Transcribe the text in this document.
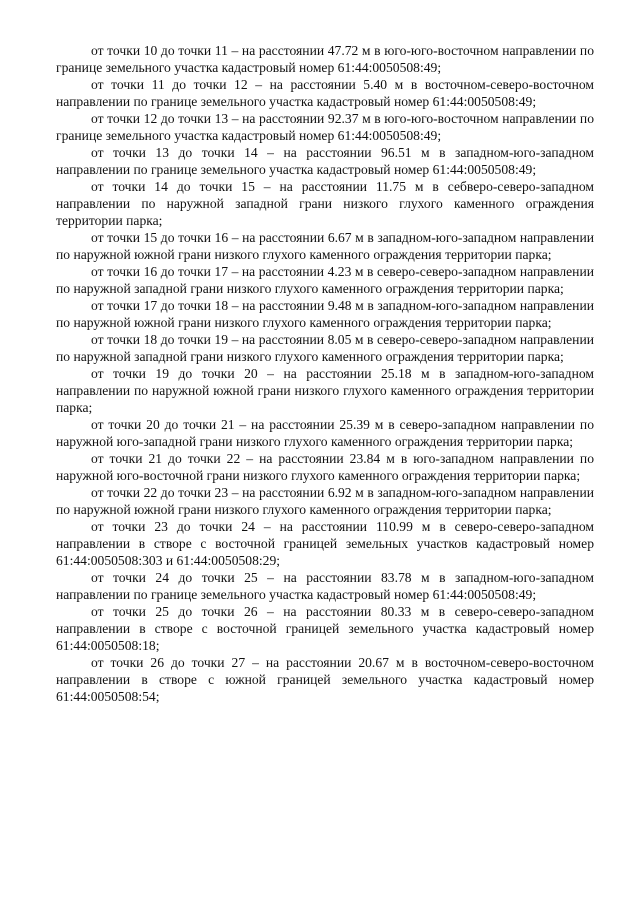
от точки 10 до точки 11 – на расстоянии 47.72 м в юго-юго-восточном направлении по границе земельного участка кадастровый номер 61:44:0050508:49;

от точки 11 до точки 12 – на расстоянии 5.40 м в восточном-северо-восточном направлении по границе земельного участка кадастровый номер 61:44:0050508:49;

от точки 12 до точки 13 – на расстоянии 92.37 м в юго-юго-восточном направлении по границе земельного участка кадастровый номер 61:44:0050508:49;

от точки 13 до точки 14 – на расстоянии 96.51 м в западном-юго-западном направлении по границе земельного участка кадастровый номер 61:44:0050508:49;

от точки 14 до точки 15 – на расстоянии 11.75 м в себверо-северо-западном направлении по наружной западной грани низкого глухого каменного ограждения территории парка;

от точки 15 до точки 16 – на расстоянии 6.67 м в западном-юго-западном направлении по наружной южной грани низкого глухого каменного ограждения территории парка;

от точки 16 до точки 17 – на расстоянии 4.23 м в северо-северо-западном направлении по наружной западной грани низкого глухого каменного ограждения территории парка;

от точки 17 до точки 18 – на расстоянии 9.48 м в западном-юго-западном направлении по наружной южной грани низкого глухого каменного ограждения территории парка;

от точки 18 до точки 19 – на расстоянии 8.05 м в северо-северо-западном направлении по наружной западной грани низкого глухого каменного ограждения территории парка;

от точки 19 до точки 20 – на расстоянии 25.18 м в западном-юго-западном направлении по наружной южной грани низкого глухого каменного ограждения территории парка;

от точки 20 до точки 21 – на расстоянии 25.39 м в северо-западном направлении по наружной юго-западной грани низкого глухого каменного ограждения территории парка;

от точки 21 до точки 22 – на расстоянии 23.84 м в юго-западном направлении по наружной юго-восточной грани низкого глухого каменного ограждения территории парка;

от точки 22 до точки 23 – на расстоянии 6.92 м в западном-юго-западном направлении по наружной южной грани низкого глухого каменного ограждения территории парка;

от точки 23 до точки 24 – на расстоянии 110.99 м в северо-северо-западном направлении в створе с восточной границей земельных участков кадастровый номер 61:44:0050508:303 и 61:44:0050508:29;

от точки 24 до точки 25 – на расстоянии 83.78 м в западном-юго-западном направлении по границе земельного участка кадастровый номер 61:44:0050508:49;

от точки 25 до точки 26 – на расстоянии 80.33 м в северо-северо-западном направлении в створе с восточной границей земельного участка кадастровый номер 61:44:0050508:18;

от точки 26 до точки 27 – на расстоянии 20.67 м в восточном-северо-восточном направлении в створе с южной границей земельного участка кадастровый номер 61:44:0050508:54;
